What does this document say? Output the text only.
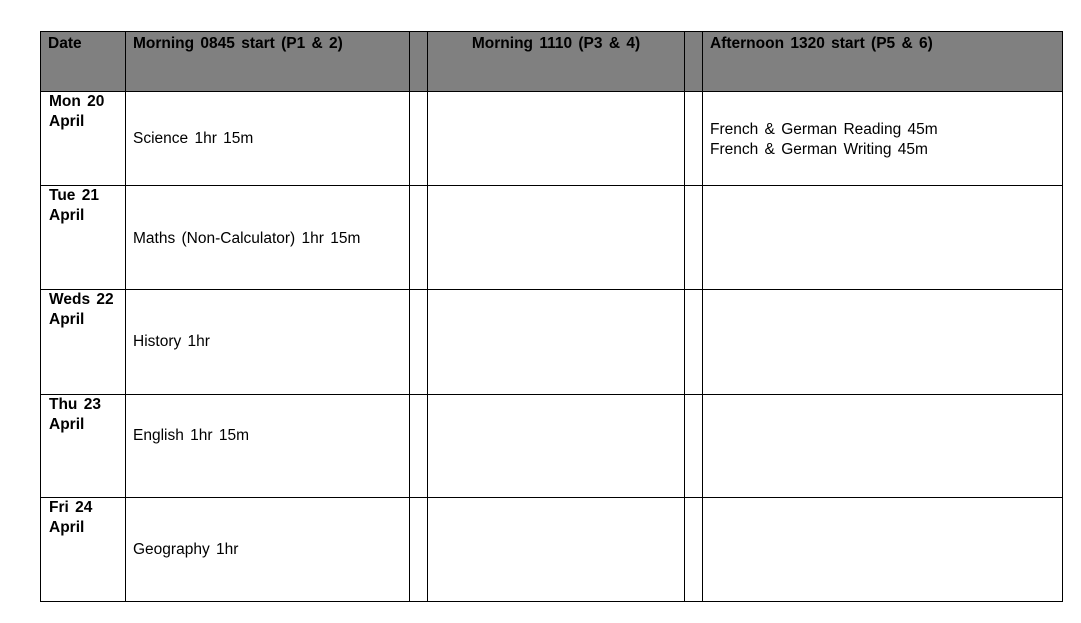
Date	Morning 0845 start (P1 & 2)		Morning 1110 (P3 & 4)		Afternoon 1320 start (P5 & 6)

Mon 20
April	Science 1hr 15m				French & German Reading 45m
French & German Writing 45m

Tue 21
April	Maths (Non-Calculator) 1hr 15m				

Weds 22
April	History 1hr				

Thu 23
April	English 1hr 15m				

Fri 24
April	Geography 1hr				
